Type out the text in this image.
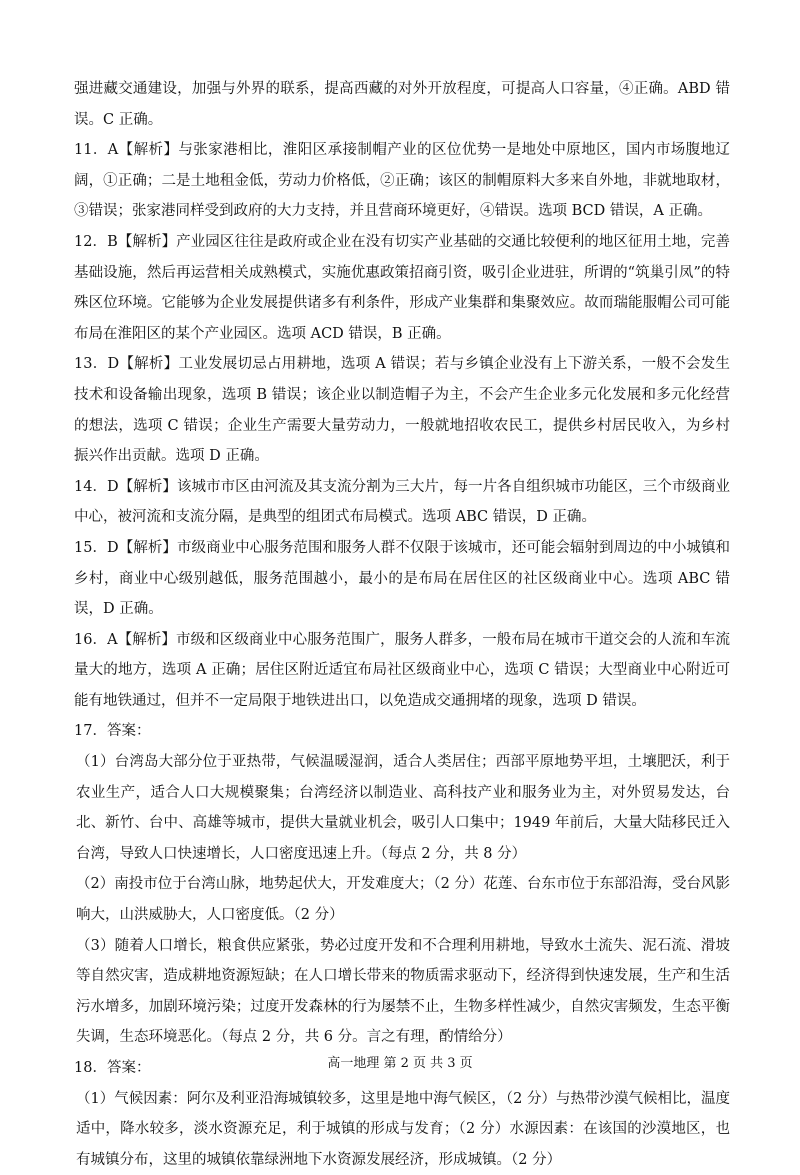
强进藏交通建设，加强与外界的联系，提高西藏的对外开放程度，可提高人口容量，④正确。ABD 错误。C 正确。

11．A【解析】与张家港相比，淮阳区承接制帽产业的区位优势一是地处中原地区，国内市场腹地辽阔，①正确；二是土地租金低，劳动力价格低，②正确；该区的制帽原料大多来自外地，非就地取材，③错误；张家港同样受到政府的大力支持，并且营商环境更好，④错误。选项 BCD 错误，A 正确。

12．B【解析】产业园区往往是政府或企业在没有切实产业基础的交通比较便利的地区征用土地，完善基础设施，然后再运营相关成熟模式，实施优惠政策招商引资，吸引企业进驻，所谓的“筑巢引凤”的特殊区位环境。它能够为企业发展提供诸多有利条件，形成产业集群和集聚效应。故而瑞能服帽公司可能布局在淮阳区的某个产业园区。选项 ACD 错误，B 正确。

13．D【解析】工业发展切忌占用耕地，选项 A 错误；若与乡镇企业没有上下游关系，一般不会发生技术和设备输出现象，选项 B 错误；该企业以制造帽子为主，不会产生企业多元化发展和多元化经营的想法，选项 C 错误；企业生产需要大量劳动力，一般就地招收农民工，提供乡村居民收入，为乡村振兴作出贡献。选项 D 正确。

14．D【解析】该城市市区由河流及其支流分割为三大片，每一片各自组织城市功能区，三个市级商业中心，被河流和支流分隔，是典型的组团式布局模式。选项 ABC 错误，D 正确。

15．D【解析】市级商业中心服务范围和服务人群不仅限于该城市，还可能会辐射到周边的中小城镇和乡村，商业中心级别越低，服务范围越小，最小的是布局在居住区的社区级商业中心。选项 ABC 错误，D 正确。

16．A【解析】市级和区级商业中心服务范围广，服务人群多，一般布局在城市干道交会的人流和车流量大的地方，选项 A 正确；居住区附近适宜布局社区级商业中心，选项 C 错误；大型商业中心附近可能有地铁通过，但并不一定局限于地铁进出口，以免造成交通拥堵的现象，选项 D 错误。

17．答案：

（1）台湾岛大部分位于亚热带，气候温暖湿润，适合人类居住；西部平原地势平坦，土壤肥沃，利于农业生产，适合人口大规模聚集；台湾经济以制造业、高科技产业和服务业为主，对外贸易发达，台北、新竹、台中、高雄等城市，提供大量就业机会，吸引人口集中；1949 年前后，大量大陆移民迁入台湾，导致人口快速增长，人口密度迅速上升。（每点 2 分，共 8 分）

（2）南投市位于台湾山脉，地势起伏大，开发难度大；（2 分）花莲、台东市位于东部沿海，受台风影响大，山洪威胁大，人口密度低。（2 分）

（3）随着人口增长，粮食供应紧张，势必过度开发和不合理利用耕地，导致水土流失、泥石流、滑坡等自然灾害，造成耕地资源短缺；在人口增长带来的物质需求驱动下，经济得到快速发展，生产和生活污水增多，加剧环境污染；过度开发森林的行为屡禁不止，生物多样性减少，自然灾害频发，生态平衡失调，生态环境恶化。（每点 2 分，共 6 分。言之有理，酌情给分）

18．答案：

（1）气候因素：阿尔及利亚沿海城镇较多，这里是地中海气候区，（2 分）与热带沙漠气候相比，温度适中，降水较多，淡水资源充足，利于城镇的形成与发育；（2 分）水源因素：在该国的沙漠地区，也有城镇分布，这里的城镇依靠绿洲地下水资源发展经济，形成城镇。（2 分）

高一地理 第 2 页 共 3 页
